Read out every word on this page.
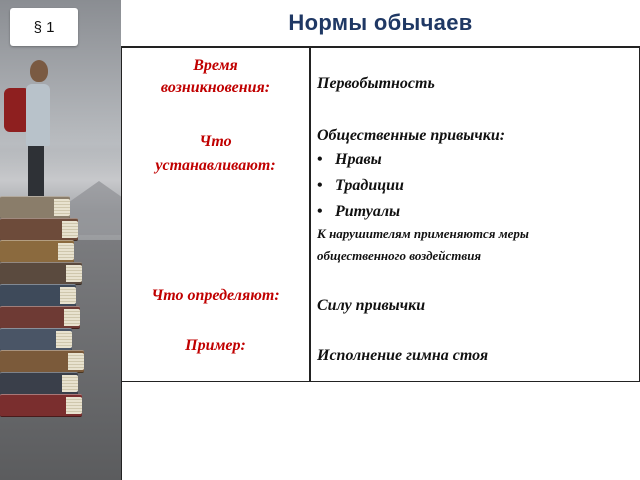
§ 1	Нормы обычаев
Время
возникновения:
Что
устанавливают:
Что определяют:
Пример:
Первобытность
Общественные привычки:
• Нравы
• Традиции
• Ритуалы
К нарушителям применяются меры
общественного воздействия
Силу привычки
Исполнение гимна стоя
